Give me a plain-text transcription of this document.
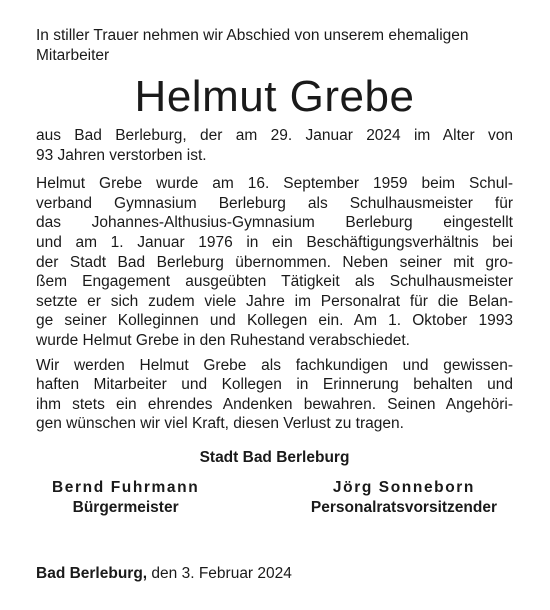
In stiller Trauer nehmen wir Abschied von unserem ehemaligen
Mitarbeiter

Helmut Grebe

aus Bad Berleburg, der am 29. Januar 2024 im Alter von
93 Jahren verstorben ist.

Helmut Grebe wurde am 16. September 1959 beim Schul-
verband Gymnasium Berleburg als Schulhausmeister für
das Johannes-Althusius-Gymnasium Berleburg eingestellt
und am 1. Januar 1976 in ein Beschäftigungsverhältnis bei
der Stadt Bad Berleburg übernommen. Neben seiner mit gro-
ßem Engagement ausgeübten Tätigkeit als Schulhausmeister
setzte er sich zudem viele Jahre im Personalrat für die Belan-
ge seiner Kolleginnen und Kollegen ein. Am 1. Oktober 1993
wurde Helmut Grebe in den Ruhestand verabschiedet.

Wir werden Helmut Grebe als fachkundigen und gewissen-
haften Mitarbeiter und Kollegen in Erinnerung behalten und
ihm stets ein ehrendes Andenken bewahren. Seinen Angehöri-
gen wünschen wir viel Kraft, diesen Verlust zu tragen.

Stadt Bad Berleburg
Bernd Fuhrmann
Bürgermeister
Jörg Sonneborn
Personalratsvorsitzender
Bad Berleburg, den 3. Februar 2024
